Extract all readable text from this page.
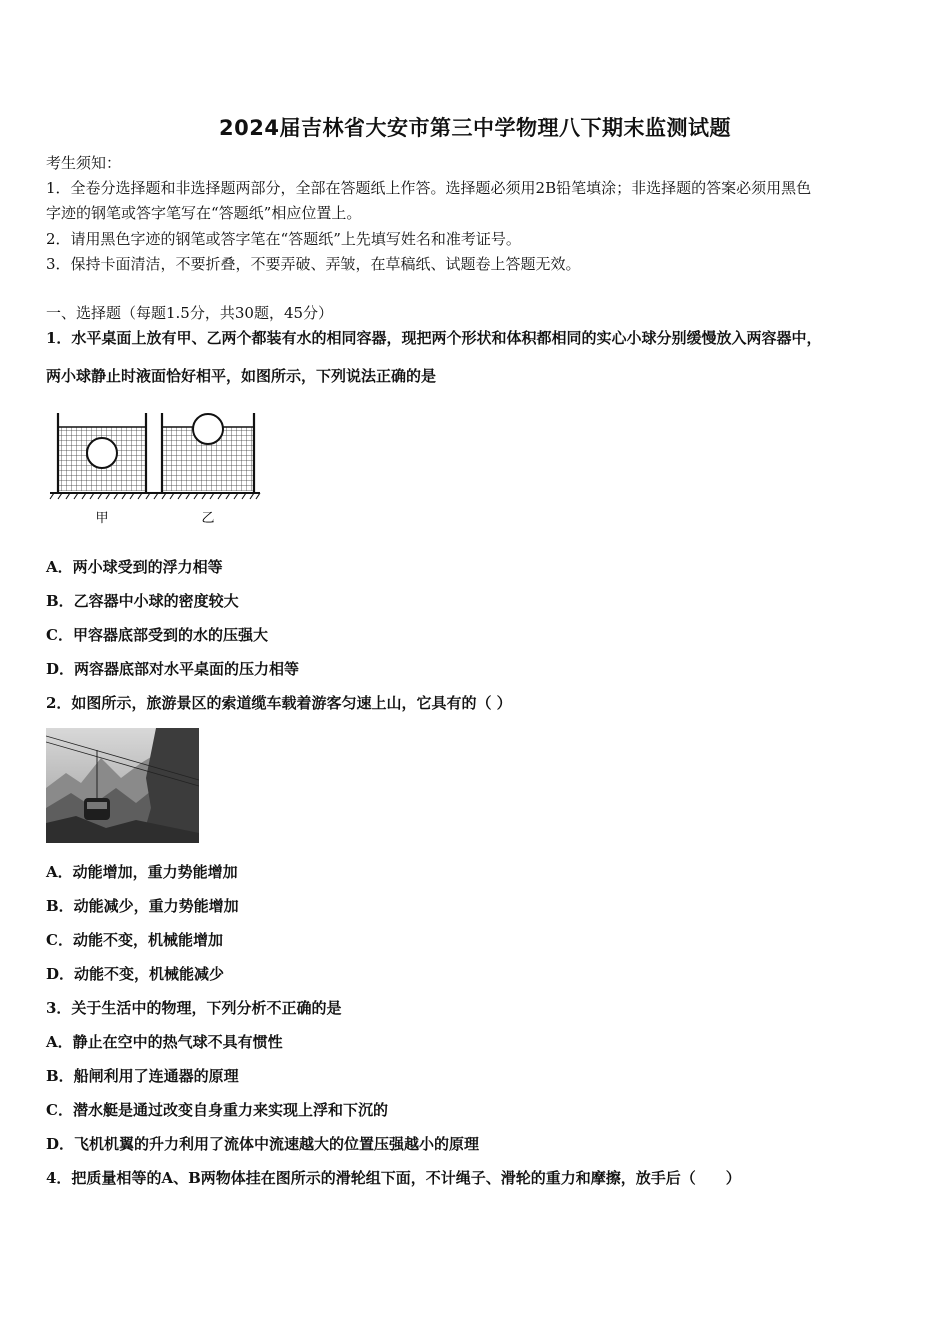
2024届吉林省大安市第三中学物理八下期末监测试题
考生须知：
1．全卷分选择题和非选择题两部分，全部在答题纸上作答。选择题必须用2B铅笔填涂；非选择题的答案必须用黑色
字迹的钢笔或答字笔写在“答题纸”相应位置上。
2．请用黑色字迹的钢笔或答字笔在“答题纸”上先填写姓名和准考证号。
3．保持卡面清洁，不要折叠，不要弄破、弄皱，在草稿纸、试题卷上答题无效。
一、选择题（每题1.5分，共30题，45分）
1．水平桌面上放有甲、乙两个都装有水的相同容器，现把两个形状和体积都相同的实心小球分别缓慢放入两容器中，
两小球静止时液面恰好相平，如图所示，下列说法正确的是
甲	乙
A．两小球受到的浮力相等
B．乙容器中小球的密度较大
C．甲容器底部受到的水的压强大
D．两容器底部对水平桌面的压力相等
2．如图所示，旅游景区的索道缆车载着游客匀速上山，它具有的（ ）
A．动能增加，重力势能增加
B．动能减少，重力势能增加
C．动能不变，机械能增加
D．动能不变，机械能减少
3．关于生活中的物理，下列分析不正确的是
A．静止在空中的热气球不具有惯性
B．船闸利用了连通器的原理
C．潜水艇是通过改变自身重力来实现上浮和下沉的
D．飞机机翼的升力利用了流体中流速越大的位置压强越小的原理
4．把质量相等的A、B两物体挂在图所示的滑轮组下面，不计绳子、滑轮的重力和摩擦，放手后（　　）
